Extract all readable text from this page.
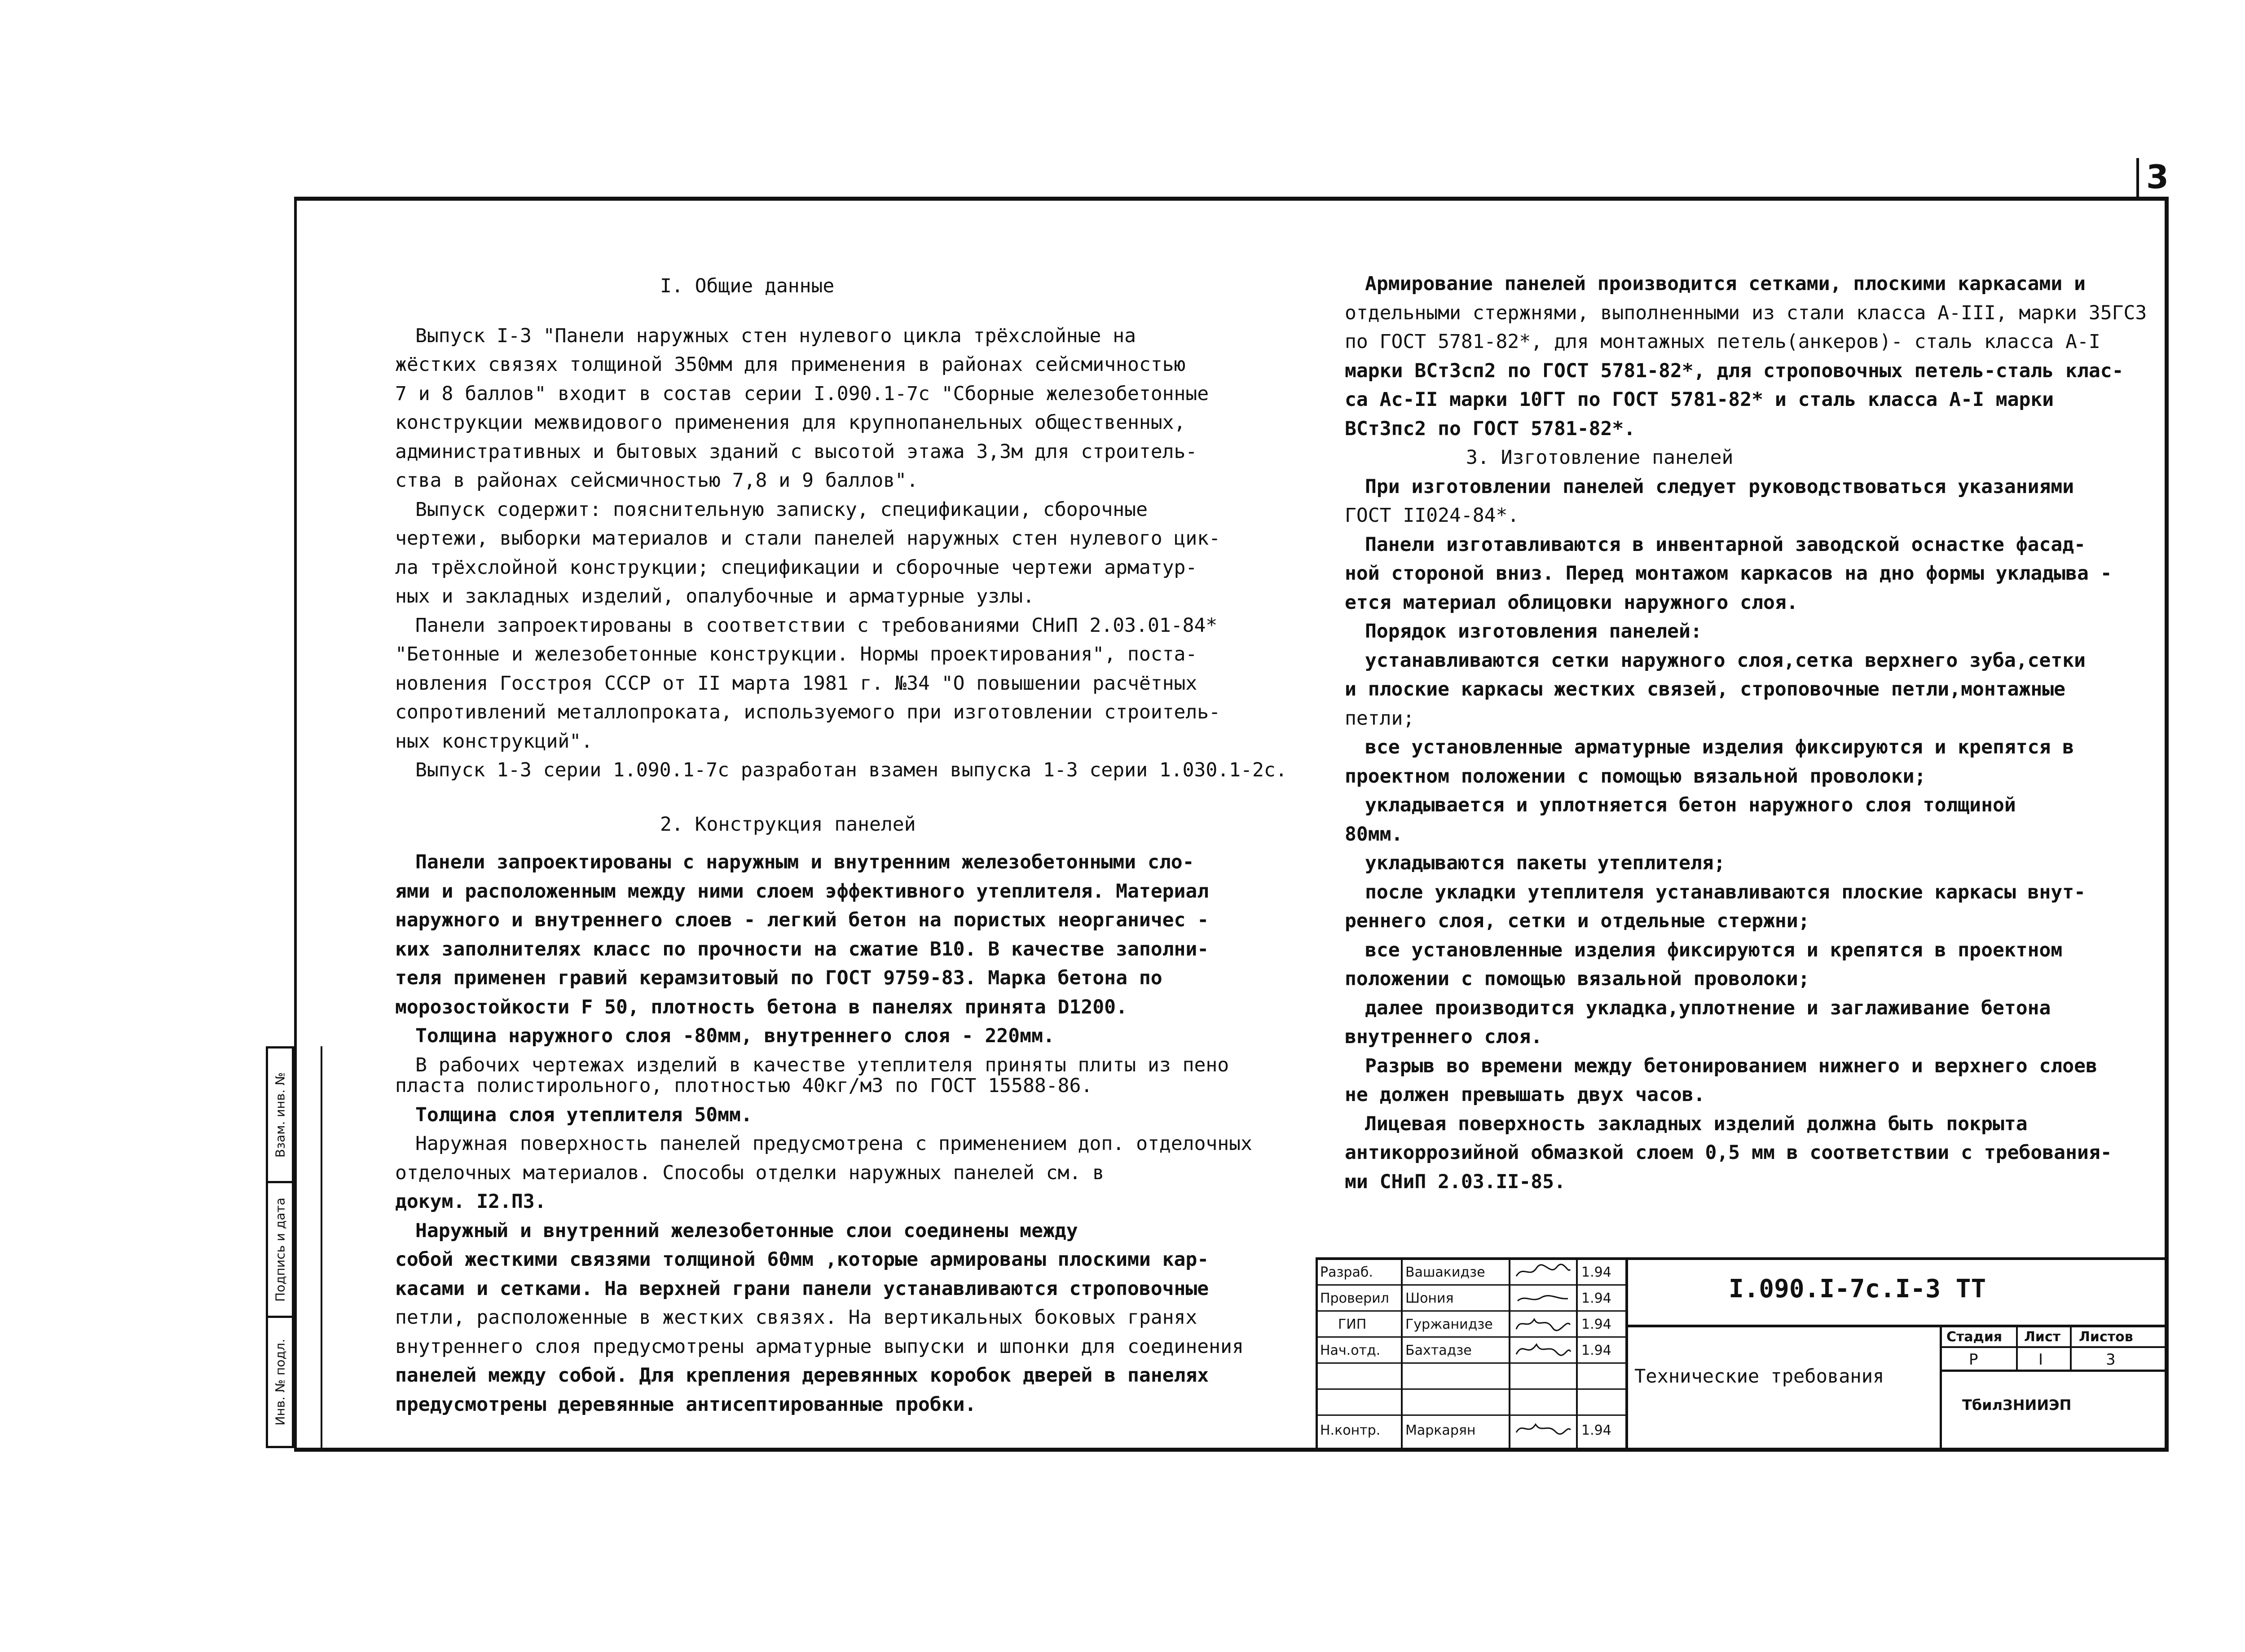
3
Взам. инв. №
Подпись и дата
Инв. № подл.
I. Общие данные
Выпуск I-3 "Панели наружных стен нулевого цикла трёхслойные на
жёстких связях толщиной 350мм для применения в районах сейсмичностью
7 и 8 баллов" входит в состав серии I.090.1-7с "Сборные железобетонные
конструкции межвидового применения для крупнопанельных общественных,
административных и бытовых зданий с высотой этажа 3,3м для строитель-
ства в районах сейсмичностью 7,8 и 9 баллов".
Выпуск содержит: пояснительную записку, спецификации, сборочные
чертежи, выборки материалов и стали панелей наружных стен нулевого цик-
ла трёхслойной конструкции; спецификации и сборочные чертежи арматур-
ных и закладных изделий, опалубочные и арматурные узлы.
Панели запроектированы в соответствии с требованиями СНиП 2.03.01-84*
"Бетонные и железобетонные конструкции. Нормы проектирования", поста-
новления Госстроя СССР от II марта 1981 г. №34 "О повышении расчётных
сопротивлений металлопроката, используемого при изготовлении строитель-
ных конструкций".
Выпуск 1-3 серии 1.090.1-7с разработан взамен выпуска 1-3 серии 1.030.1-2с.
2. Конструкция панелей
Панели запроектированы с наружным и внутренним железобетонными сло-
ями и расположенным между ними слоем эффективного утеплителя. Материал
наружного и внутреннего слоев - легкий бетон на пористых неорганичес -
ких заполнителях класс по прочности на сжатие В10. В качестве заполни-
теля применен гравий керамзитовый по ГОСТ 9759-83. Марка бетона по
морозостойкости F 50, плотность бетона в панелях принята D1200.
Толщина наружного слоя -80мм, внутреннего слоя - 220мм.
В рабочих чертежах изделий в качестве утеплителя приняты плиты из пено
пласта полистирольного, плотностью 40кг/м3 по ГОСТ 15588-86.
Толщина слоя утеплителя 50мм.
Наружная поверхность панелей предусмотрена с применением доп. отделочных
отделочных материалов. Способы отделки наружных панелей см. в
докум. I2.ПЗ.
Наружный и внутренний железобетонные слои соединены между
собой жесткими связями толщиной 60мм ,которые армированы плоскими кар-
касами и сетками. На верхней грани панели устанавливаются строповочные
петли, расположенные в жестких связях. На вертикальных боковых гранях
внутреннего слоя предусмотрены арматурные выпуски и шпонки для соединения
панелей между собой. Для крепления деревянных коробок дверей в панелях
предусмотрены деревянные антисептированные пробки.
Армирование панелей производится сетками, плоскими каркасами и
отдельными стержнями, выполненными из стали класса А-III, марки 35ГС3
по ГОСТ 5781-82*, для монтажных петель(анкеров)- сталь класса А-I
марки ВСт3сп2 по ГОСТ 5781-82*, для строповочных петель-сталь клас-
са Ас-II марки 10ГТ по ГОСТ 5781-82* и сталь класса А-I марки
ВСт3пс2 по ГОСТ 5781-82*.
3. Изготовление панелей
При изготовлении панелей следует руководствоваться указаниями
ГОСТ II024-84*.
Панели изготавливаются в инвентарной заводской оснастке фасад-
ной стороной вниз. Перед монтажом каркасов на дно формы укладыва -
ется материал облицовки наружного слоя.
Порядок изготовления панелей:
устанавливаются сетки наружного слоя,сетка верхнего зуба,сетки
и плоские каркасы жестких связей, строповочные петли,монтажные
петли;
все установленные арматурные изделия фиксируются и крепятся в
проектном положении с помощью вязальной проволоки;
укладывается и уплотняется бетон наружного слоя толщиной
80мм.
укладываются пакеты утеплителя;
после укладки утеплителя устанавливаются плоские каркасы внут-
реннего слоя, сетки и отдельные стержни;
все установленные изделия фиксируются и крепятся в проектном
положении с помощью вязальной проволоки;
далее производится укладка,уплотнение и заглаживание бетона
внутреннего слоя.
Разрыв во времени между бетонированием нижнего и верхнего слоев
не должен превышать двух часов.
Лицевая поверхность закладных изделий должна быть покрыта
антикоррозийной обмазкой слоем 0,5 мм в соответствии с требования-
ми СНиП 2.03.II-85.
I.090.I-7c.I-3 TT
Технические требования
Стадия Лист Листов
Р	I	3
ТбилЗНИИЭП
Разраб. Вашакидзе	1.94
Проверил Шония	1.94
ГИП	Гуржанидзе	1.94
Нач.отд. Бахтадзе	1.94
Н.контр. Маркарян	1.94
